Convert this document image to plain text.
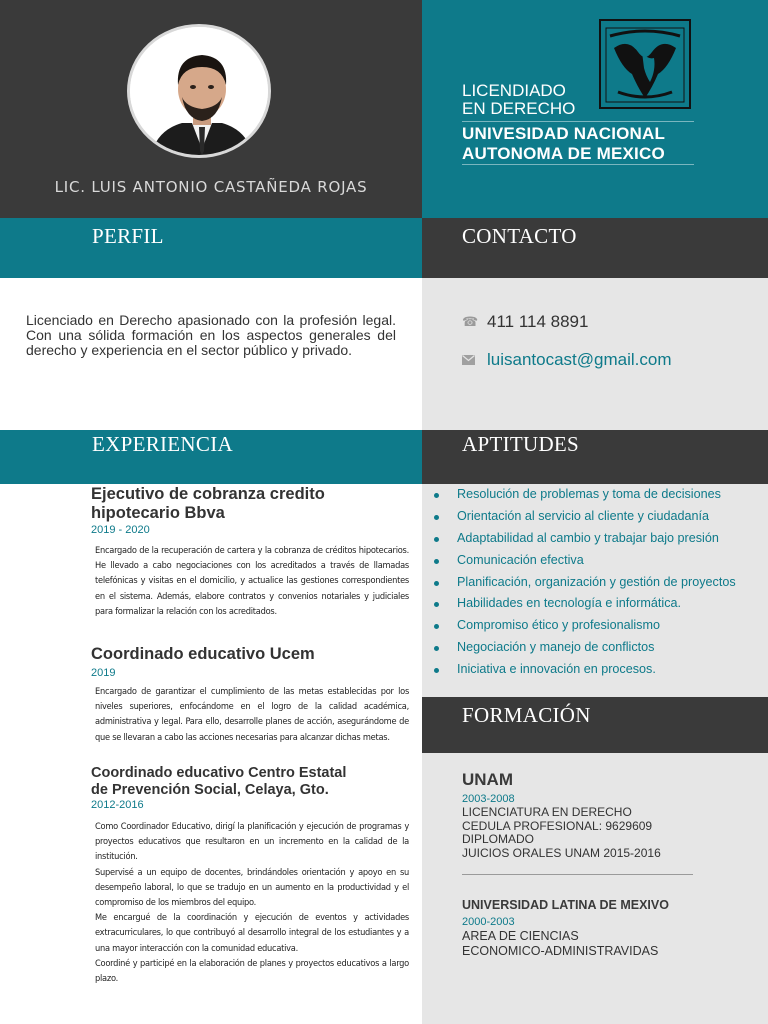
LIC. LUIS ANTONIO CASTAÑEDA ROJAS
LICENDIADO
EN DERECHO
UNIVESIDAD NACIONAL
AUTONOMA DE MEXICO
PERFIL	CONTACTO
Licenciado en Derecho apasionado con la profesión legal. Con una sólida formación en los aspectos generales del derecho y experiencia en el sector público y privado.
☎ 411 114 8891
luisantocast@gmail.com
EXPERIENCIA	APTITUDES
Ejecutivo de cobranza credito
hipotecario Bbva
2019 - 2020
Encargado de la recuperación de cartera y la cobranza de créditos hipotecarios. He llevado a cabo negociaciones con los acreditados a través de llamadas telefónicas y visitas en el domicilio, y actualice las gestiones correspondientes en el sistema. Además, elabore contratos y convenios notariales y judiciales para formalizar la relación con los acreditados.
Coordinado educativo Ucem
2019
Encargado de garantizar el cumplimiento de las metas establecidas por los niveles superiores, enfocándome en el logro de la calidad académica, administrativa y legal. Para ello, desarrolle planes de acción, asegurándome de que se llevaran a cabo las acciones necesarias para alcanzar dichas metas.
Coordinado educativo Centro Estatal
de Prevención Social, Celaya, Gto.
2012-2016
Como Coordinador Educativo, dirigí la planificación y ejecución de programas y proyectos educativos que resultaron en un incremento en la calidad de la institución.
Supervisé a un equipo de docentes, brindándoles orientación y apoyo en su desempeño laboral, lo que se tradujo en un aumento en la productividad y el compromiso de los miembros del equipo.
Me encargué de la coordinación y ejecución de eventos y actividades extracurriculares, lo que contribuyó al desarrollo integral de los estudiantes y a una mayor interacción con la comunidad educativa.
Coordiné y participé en la elaboración de planes y proyectos educativos a largo plazo.
Resolución de problemas y toma de decisiones
Orientación al servicio al cliente y ciudadanía
Adaptabilidad al cambio y trabajar bajo presión
Comunicación efectiva
Planificación, organización y gestión de proyectos
Habilidades en tecnología e informática.
Compromiso ético y profesionalismo
Negociación y manejo de conflictos
Iniciativa e innovación en procesos.
FORMACIÓN
UNAM
2003-2008
LICENCIATURA EN DERECHO
CEDULA PROFESIONAL: 9629609
DIPLOMADO
JUICIOS ORALES UNAM 2015-2016
UNIVERSIDAD LATINA DE MEXIVO
2000-2003
AREA DE CIENCIAS
ECONOMICO-ADMINISTRAVIDAS
